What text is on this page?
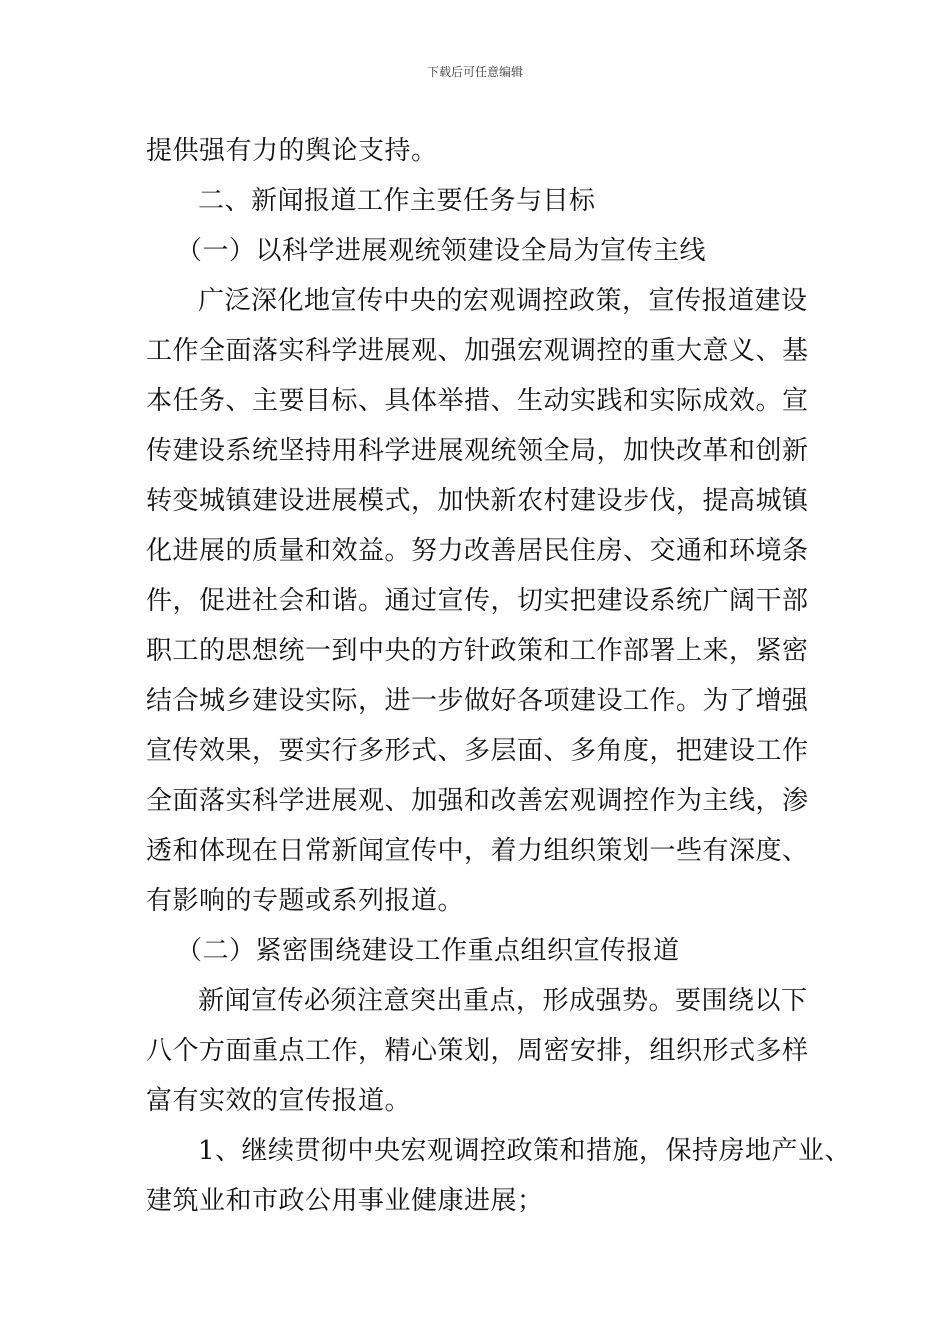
下载后可任意编辑
提供强有力的舆论支持。
二、新闻报道工作主要任务与目标
（一）以科学进展观统领建设全局为宣传主线
广泛深化地宣传中央的宏观调控政策，宣传报道建设
工作全面落实科学进展观、加强宏观调控的重大意义、基
本任务、主要目标、具体举措、生动实践和实际成效。宣
传建设系统坚持用科学进展观统领全局，加快改革和创新
转变城镇建设进展模式，加快新农村建设步伐，提高城镇
化进展的质量和效益。努力改善居民住房、交通和环境条
件，促进社会和谐。通过宣传，切实把建设系统广阔干部
职工的思想统一到中央的方针政策和工作部署上来，紧密
结合城乡建设实际，进一步做好各项建设工作。为了增强
宣传效果，要实行多形式、多层面、多角度，把建设工作
全面落实科学进展观、加强和改善宏观调控作为主线，渗
透和体现在日常新闻宣传中，着力组织策划一些有深度、
有影响的专题或系列报道。
（二）紧密围绕建设工作重点组织宣传报道
新闻宣传必须注意突出重点，形成强势。要围绕以下
八个方面重点工作，精心策划，周密安排，组织形式多样
富有实效的宣传报道。
1、继续贯彻中央宏观调控政策和措施，保持房地产业、
建筑业和市政公用事业健康进展；
